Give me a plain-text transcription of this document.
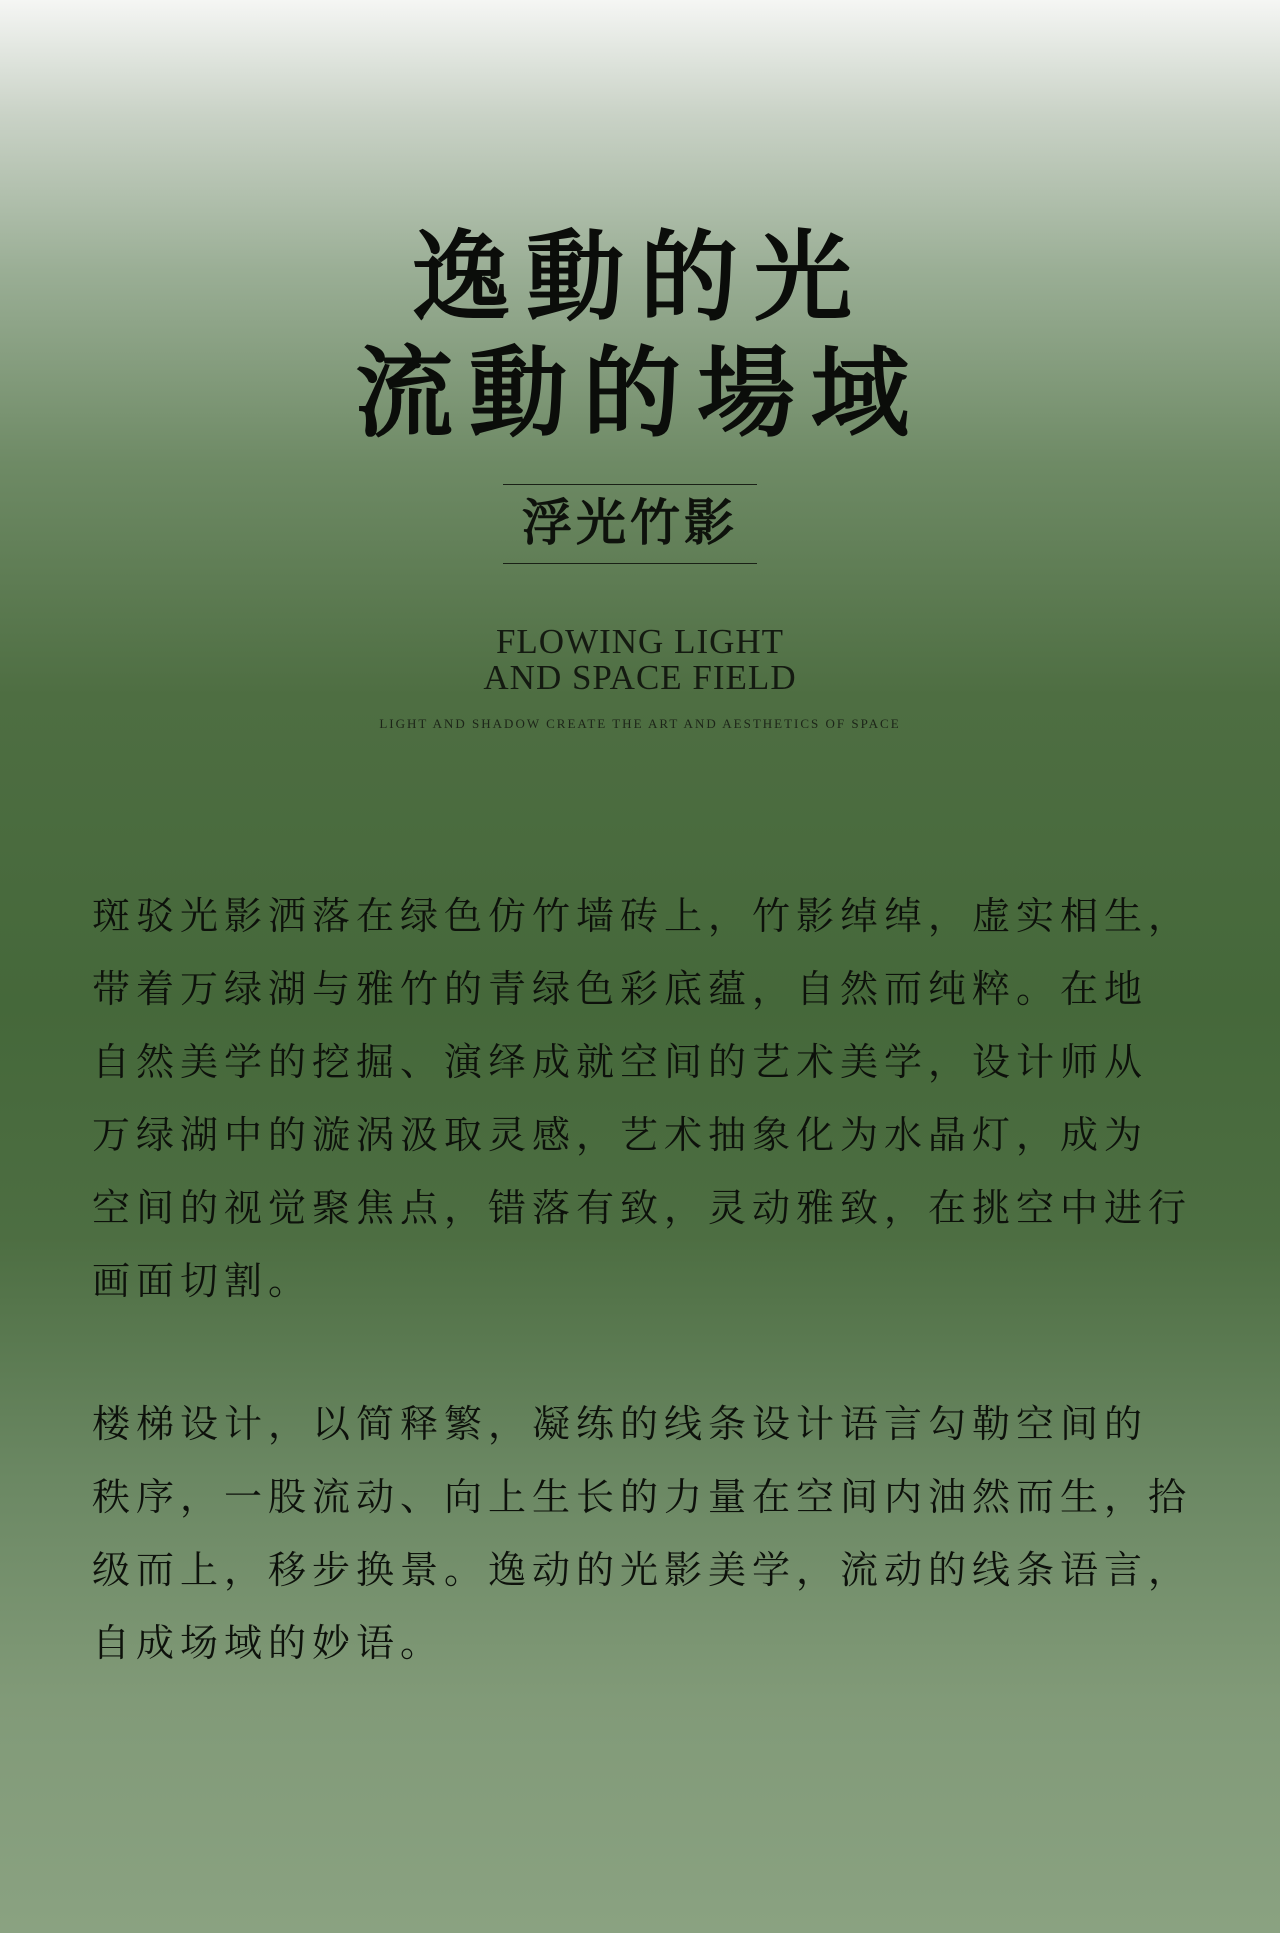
逸動的光
流動的場域
浮光竹影
FLOWING LIGHT
AND SPACE FIELD
LIGHT AND SHADOW CREATE THE ART AND AESTHETICS OF SPACE
斑驳光影洒落在绿色仿竹墙砖上，竹影绰绰，虚实相生，
带着万绿湖与雅竹的青绿色彩底蕴，自然而纯粹。在地
自然美学的挖掘、演绎成就空间的艺术美学，设计师从
万绿湖中的漩涡汲取灵感，艺术抽象化为水晶灯，成为
空间的视觉聚焦点，错落有致，灵动雅致，在挑空中进行
画面切割。
楼梯设计，以简释繁，凝练的线条设计语言勾勒空间的
秩序，一股流动、向上生长的力量在空间内油然而生，拾
级而上，移步换景。逸动的光影美学，流动的线条语言，
自成场域的妙语。
